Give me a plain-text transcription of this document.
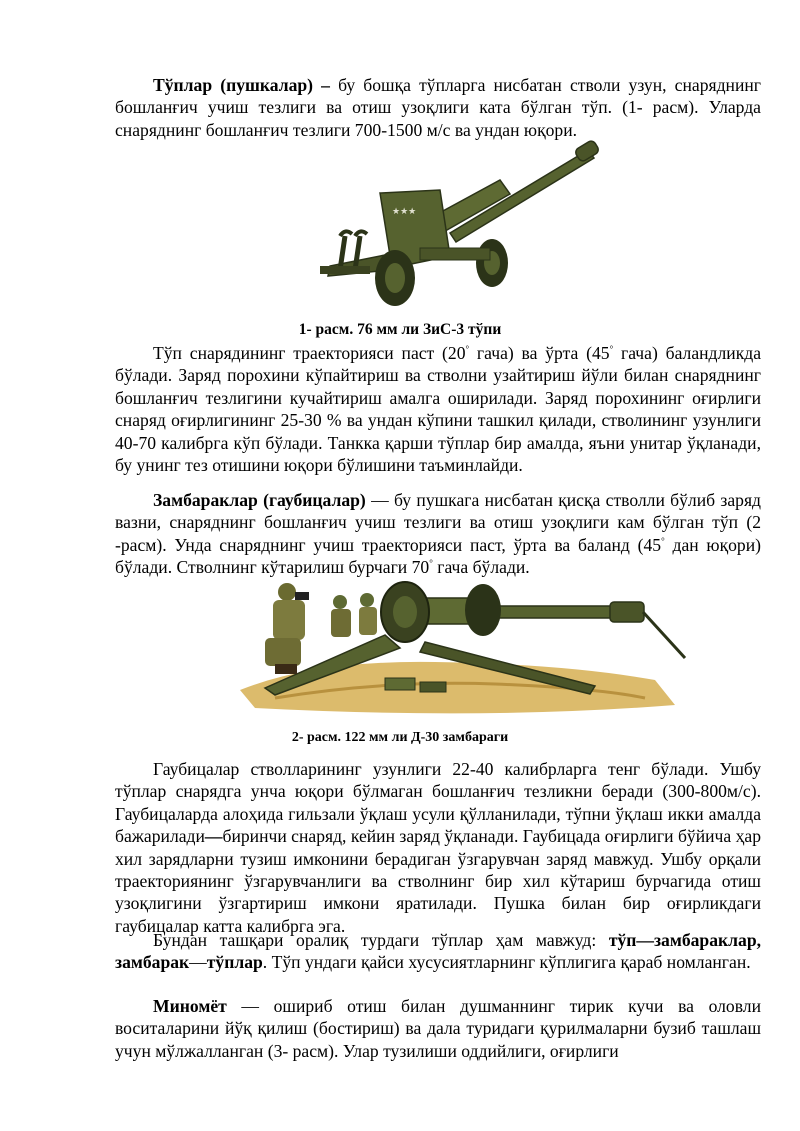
Тўплар (пушкалар) – бу бошқа тўпларга нисбатан стволи узун, снаряднинг бошланғич учиш тезлиги ва отиш узоқлиги ката бўлган тўп. (1- расм). Уларда снаряднинг бошланғич тезлиги 700-1500 м/с ва ундан юқори.

★★★
1- расм. 76 мм ли ЗиС-3 тўпи

Тўп снарядининг траекторияси паст (20° гача) ва ўрта (45° гача) баландликда бўлади. Заряд порохини кўпайтириш ва стволни узайтириш йўли билан снаряднинг бошланғич тезлигини кучайтириш амалга оширилади. Заряд порохининг оғирлиги снаряд оғирлигининг 25-30 % ва ундан кўпини ташкил қилади, стволининг узунлиги 40-70 калибрга кўп бўлади. Танкка қарши тўплар бир амалда, яъни унитар ўқланади, бу унинг тез отишини юқори бўлишини таъминлайди.

Замбараклар (гаубицалар) — бу пушкага нисбатан қисқа стволли бўлиб заряд вазни, снаряднинг бошланғич учиш тезлиги ва отиш узоқлиги кам бўлган тўп (2 -расм). Унда снаряднинг учиш траекторияси паст, ўрта ва баланд (45° дан юқори) бўлади. Стволнинг кўтарилиш бурчаги 70° гача бўлади.

2- расм. 122 мм ли Д-30 замбараги

Гаубицалар стволларининг узунлиги 22-40 калибрларга тенг бўлади. Ушбу тўплар снарядга унча юқори бўлмаган бошланғич тезликни беради (300-800м/с). Гаубицаларда алоҳида гильзали ўқлаш усули қўлланилади, тўпни ўқлаш икки амалда бажарилади—биринчи снаряд, кейин заряд ўқланади. Гаубицада оғирлиги бўйича ҳар хил зарядларни тузиш имконини берадиган ўзгарувчан заряд мавжуд. Ушбу орқали траекториянинг ўзгарувчанлиги ва стволнинг бир хил кўтариш бурчагида отиш узоқлигини ўзгартириш имкони яратилади. Пушка билан бир оғирликдаги гаубицалар катта калибрга эга.

Бундан ташқари оралиқ турдаги тўплар ҳам мавжуд: тўп—замбараклар, замбарак—тўплар. Тўп ундаги қайси хусусиятларнинг кўплигига қараб номланган.

Миномёт — ошириб отиш билан душманнинг тирик кучи ва оловли воситаларини йўқ қилиш (бостириш) ва дала туридаги қурилмаларни бузиб ташлаш учун мўлжалланган (3- расм). Улар тузилиши оддийлиги, оғирлиги
